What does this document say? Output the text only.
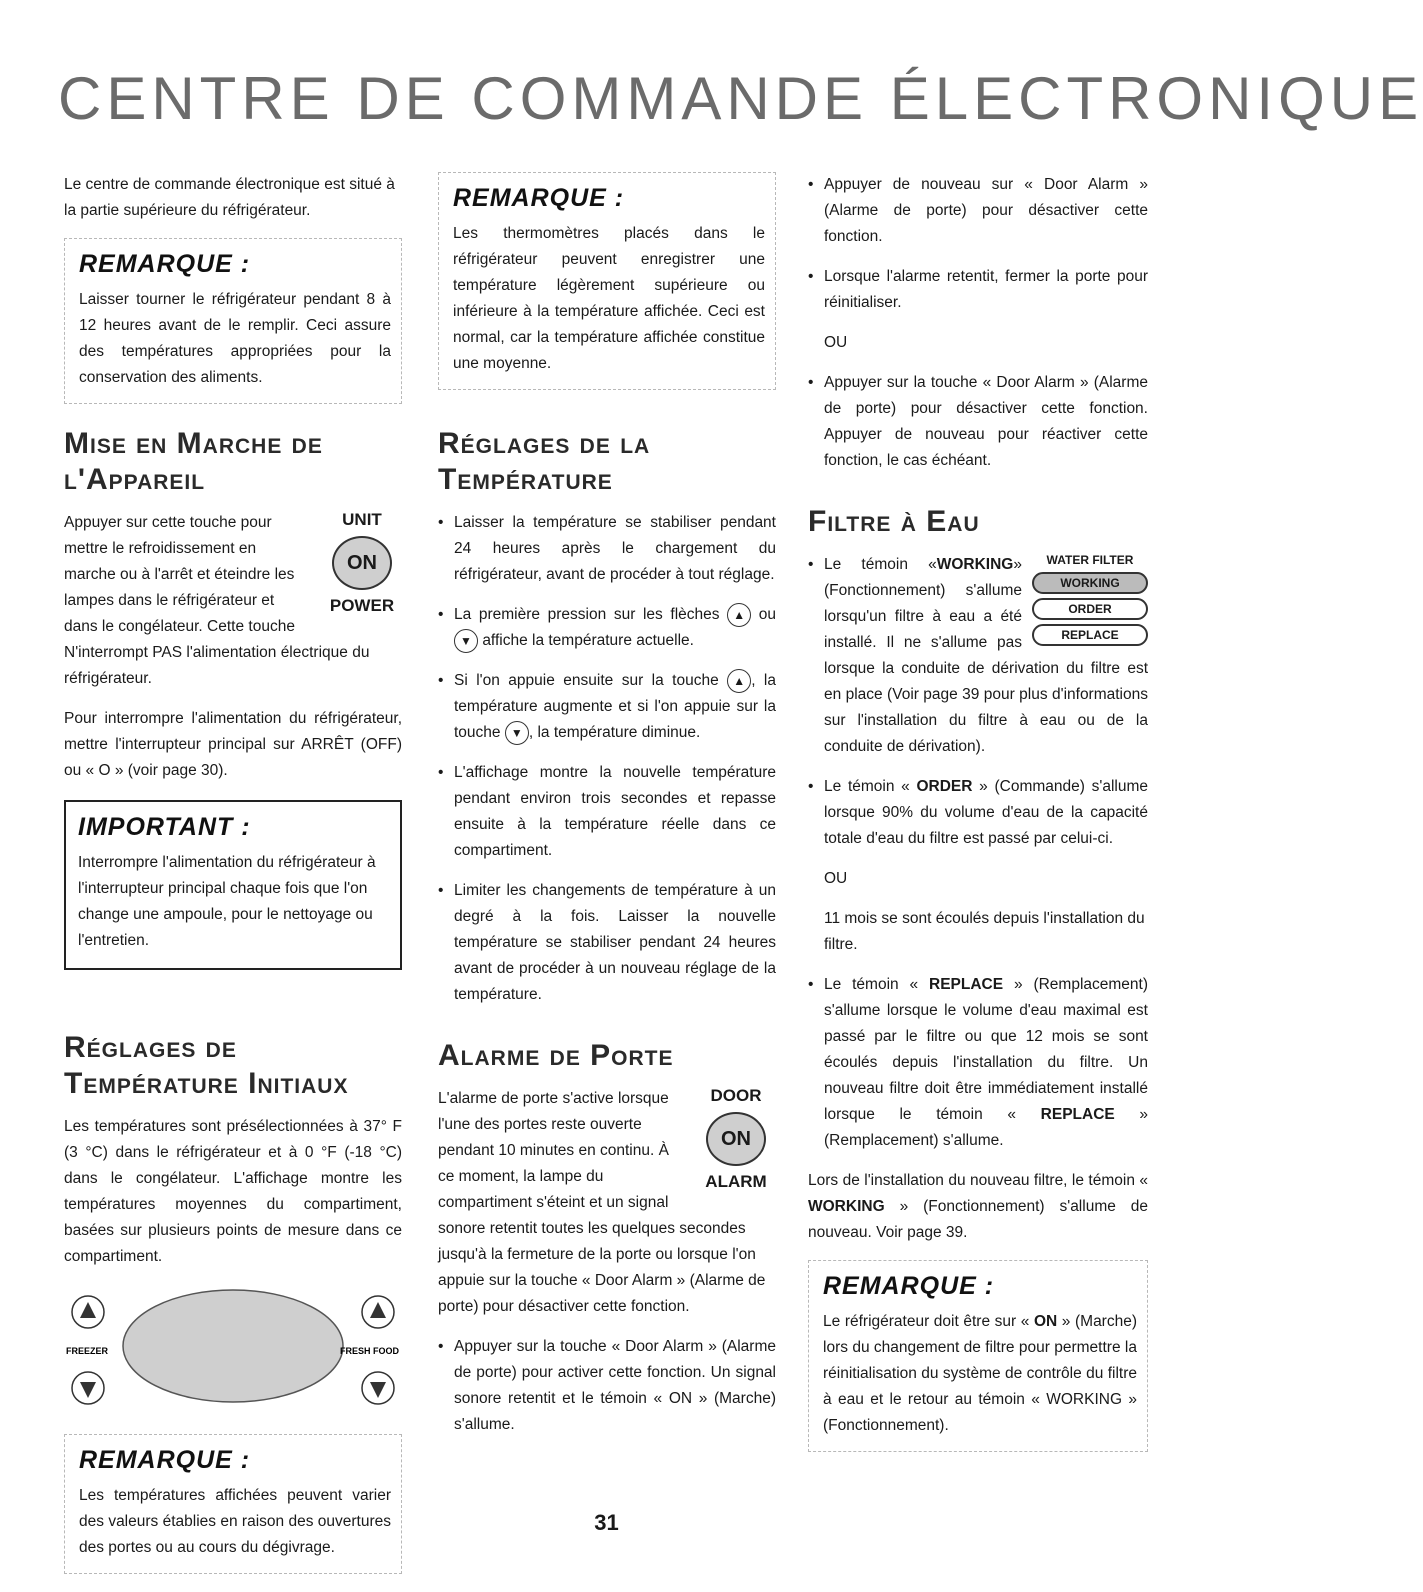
CENTRE DE COMMANDE ÉLECTRONIQUE

Le centre de commande électronique est situé à la partie supérieure du réfrigérateur.

REMARQUE :
Laisser tourner le réfrigérateur pendant 8 à 12 heures avant de le remplir. Ceci assure des températures appropriées pour la conservation des aliments.
Mise en Marche de l'Appareil
UNIT
ON
POWER

Appuyer sur cette touche pour mettre le refroidissement en marche ou à l'arrêt et éteindre les lampes dans le réfrigérateur et dans le congélateur. Cette touche N'interrompt PAS l'alimentation électrique du réfrigérateur.

Pour interrompre l'alimentation du réfrigérateur, mettre l'interrupteur principal sur ARRÊT (OFF) ou « O » (voir page 30).

IMPORTANT :
Interrompre l'alimentation du réfrigérateur à l'interrupteur principal chaque fois que l'on change une ampoule, pour le nettoyage ou l'entretien.
Réglages de Température Initiaux

Les températures sont présélectionnées à 37° F (3 °C) dans le réfrigérateur et à 0 °F (-18 °C) dans le congélateur. L'affichage montre les températures moyennes du compartiment, basées sur plusieurs points de mesure dans ce compartiment.

FREEZER	FRESH FOOD
REMARQUE :
Les températures affichées peuvent varier des valeurs établies en raison des ouvertures des portes ou au cours du dégivrage.
REMARQUE :
Les thermomètres placés dans le réfrigérateur peuvent enregistrer une température légèrement supérieure ou inférieure à la température affichée. Ceci est normal, car la température affichée constitue une moyenne.
Réglages de la Température
• Laisser la température se stabiliser pendant 24 heures après le chargement du réfrigérateur, avant de procéder à tout réglage.
• La première pression sur les flèches ▲ ou ▼ affiche la température actuelle.
• Si l'on appuie ensuite sur la touche ▲ , la température augmente et si l'on appuie sur la touche ▼ , la température diminue.
• L'affichage montre la nouvelle température pendant environ trois secondes et repasse ensuite à la température réelle dans ce compartiment.
• Limiter les changements de température à un degré à la fois. Laisser la nouvelle température se stabiliser pendant 24 heures avant de procéder à un nouveau réglage de la température.
Alarme de Porte
DOOR
ON
ALARM

L'alarme de porte s'active lorsque l'une des portes reste ouverte pendant 10 minutes en continu. À ce moment, la lampe du compartiment s'éteint et un signal sonore retentit toutes les quelques secondes jusqu'à la fermeture de la porte ou lorsque l'on appuie sur la touche « Door Alarm » (Alarme de porte) pour désactiver cette fonction.

• Appuyer sur la touche « Door Alarm » (Alarme de porte) pour activer cette fonction. Un signal sonore retentit et le témoin « ON » (Marche) s'allume.
• Appuyer de nouveau sur « Door Alarm » (Alarme de porte) pour désactiver cette fonction.
• Lorsque l'alarme retentit, fermer la porte pour réinitialiser.

OU

• Appuyer sur la touche « Door Alarm » (Alarme de porte) pour désactiver cette fonction. Appuyer de nouveau pour réactiver cette fonction, le cas échéant.
Filtre à Eau
• WATER FILTER
WORKING
ORDER
REPLACE
Le témoin «WORKING» (Fonctionnement) s'allume lorsqu'un filtre à eau a été installé. Il ne s'allume pas lorsque la conduite de dérivation du filtre est en place (Voir page 39 pour plus d'informations sur l'installation du filtre à eau ou de la conduite de dérivation).
• Le témoin « ORDER » (Commande) s'allume lorsque 90% du volume d'eau de la capacité totale d'eau du filtre est passé par celui-ci.

OU

11 mois se sont écoulés depuis l'installation du filtre.

• Le témoin « REPLACE » (Remplacement) s'allume lorsque le volume d'eau maximal est passé par le filtre ou que 12 mois se sont écoulés depuis l'installation du filtre. Un nouveau filtre doit être immédiatement installé lorsque le témoin « REPLACE » (Remplacement) s'allume.

Lors de l'installation du nouveau filtre, le témoin « WORKING » (Fonctionnement) s'allume de nouveau. Voir page 39.

REMARQUE :
Le réfrigérateur doit être sur « ON » (Marche) lors du changement de filtre pour permettre la réinitialisation du système de contrôle du filtre à eau et le retour au témoin « WORKING » (Fonctionnement).
31
